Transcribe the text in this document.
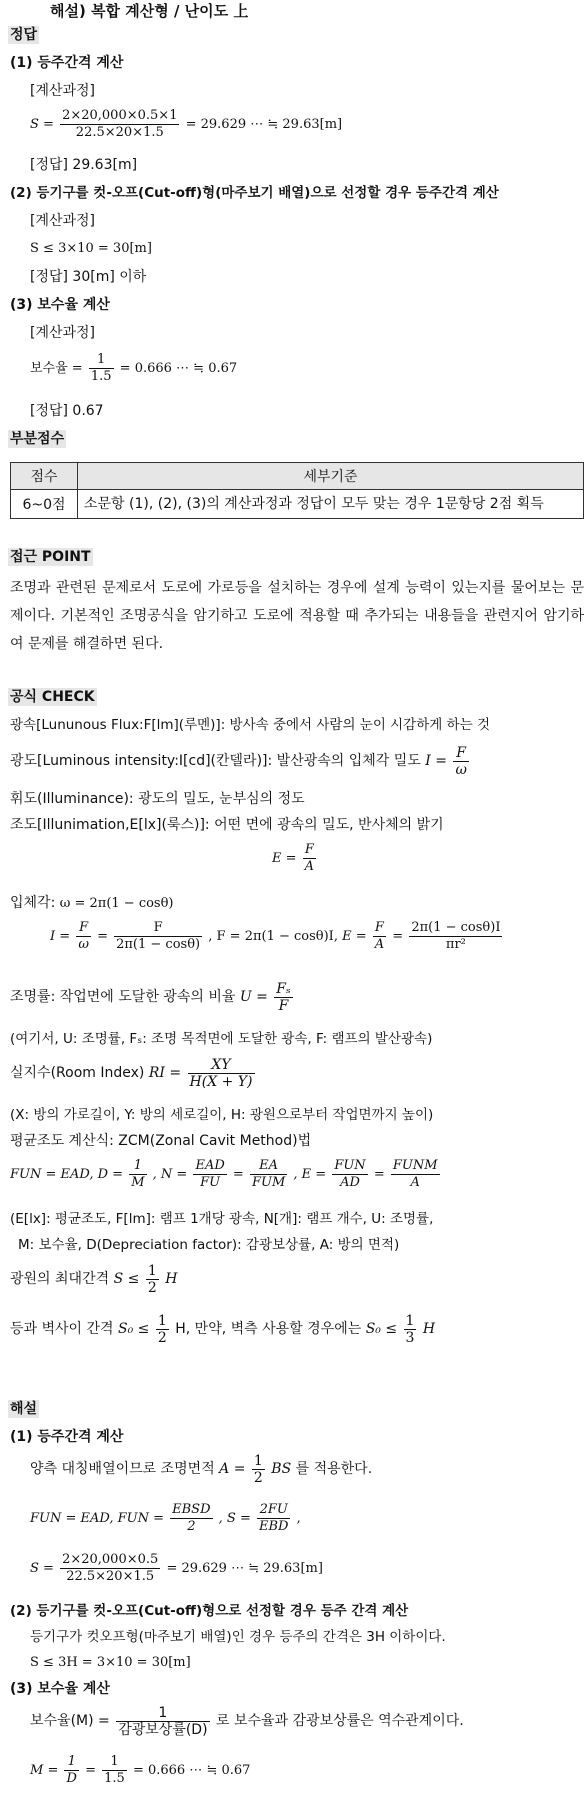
해설) 복합 계산형 / 난이도 上
정답
(1) 등주간격 계산
[계산과정]
$S = \frac{2\times 20,000\times 0.5\times 1}{22.5\times 20\times 1.5} = 29.629$ ⋯ ≒ 29.63[m]
[정답] 29.63[m]
(2) 등기구를 컷-오프(Cut-off)형(마주보기 배열)으로 선정할 경우 등주간격 계산
[계산과정]
S ≤ 3×10 = 30[m]
[정답] 30[m] 이하
(3) 보수율 계산
[계산과정]
보수율 = $\frac{1}{1.5} = 0.666$ ⋯ ≒ 0.67
[정답] 0.67
부분점수
점수	세부기준
6~0점	소문항 (1), (2), (3)의 계산과정과 정답이 모두 맞는 경우 1문항당 2점 획득
접근 POINT
조명과 관련된 문제로서 도로에 가로등을 설치하는 경우에 설계 능력이 있는지를 물어보는 문제이다. 기본적인 조명공식을 암기하고 도로에 적용할 때 추가되는 내용들을 관련지어 암기하여 문제를 해결하면 된다.
공식 CHECK
광속[Lununous Flux:F[lm](루멘)]: 방사속 중에서 사람의 눈이 시감하게 하는 것
광도[Luminous intensity:I[cd](칸델라)]: 발산광속의 입체각 밀도 $I = \frac{F}{\omega}$
휘도(Illuminance): 광도의 밀도, 눈부심의 정도
조도[Illunimation,E[lx](룩스)]: 어떤 면에 광속의 밀도, 반사체의 밝기
$E = \frac{F}{A}$
입체각: ω = 2π(1 − cosθ)
$I = \frac{F}{\omega} = \frac{F}{2\pi(1 - \cos\theta)}$ , F = 2π(1 − cosθ)I, $E = \frac{F}{A} = \frac{2\pi(1 - \cos\theta)I}{\text{πr²}}$
조명률: 작업면에 도달한 광속의 비율 $U = \frac{\text{Fₛ}}{F}$
(여기서, U: 조명률, Fₛ: 조명 목적면에 도달한 광속, F: 램프의 발산광속)
실지수(Room Index) RI = $\frac{XY}{H(X + Y)}$
(X: 방의 가로길이, Y: 방의 세로길이, H: 광원으로부터 작업면까지 높이)
평균조도 계산식: ZCM(Zonal Cavit Method)법
FUN = EAD, $D = \frac{1}{M}$ , $N = \frac{\text{EAD}}{FU} = \frac{EA}{\text{FUM}}$ , $E = \frac{\text{FUN}}{AD} = \frac{\text{FUNM}}{A}$
(E[lx]: 평균조도, F[lm]: 램프 1개당 광속, N[개]: 램프 개수, U: 조명률,
M: 보수율, D(Depreciation factor): 감광보상률, A: 방의 면적)
광원의 최대간격 $S \le \frac{1}{2}$ H
등과 벽사이 간격 $S_0 \le \frac{1}{2} H$, 만약, 벽측 사용할 경우에는 $S_0 \le \frac{1}{3}$ H
해설
(1) 등주간격 계산
양측 대칭배열이므로 조명면적 $A = \frac{1}{2}$ BS 를 적용한다.
FUN = EAD, FUN = $\frac{\text{EBSD}}{2}$ , $S = \frac{2FU}{\text{EBD}}$ ,
$S = \frac{2\times 20,000\times 0.5}{22.5\times 20\times 1.5} = 29.629$ ⋯ ≒ 29.63[m]
(2) 등기구를 컷-오프(Cut-off)형으로 선정할 경우 등주 간격 계산
등기구가 컷오프형(마주보기 배열)인 경우 등주의 간격은 3H 이하이다.
S ≤ 3H = 3×10 = 30[m]
(3) 보수율 계산
보수율$(M) = \frac{1}{\text{감광보상률(D)}}$ 로 보수율과 감광보상률은 역수관계이다.
$M = \frac{1}{D} = \frac{1}{1.5} = 0.666$ ⋯ ≒ 0.67
